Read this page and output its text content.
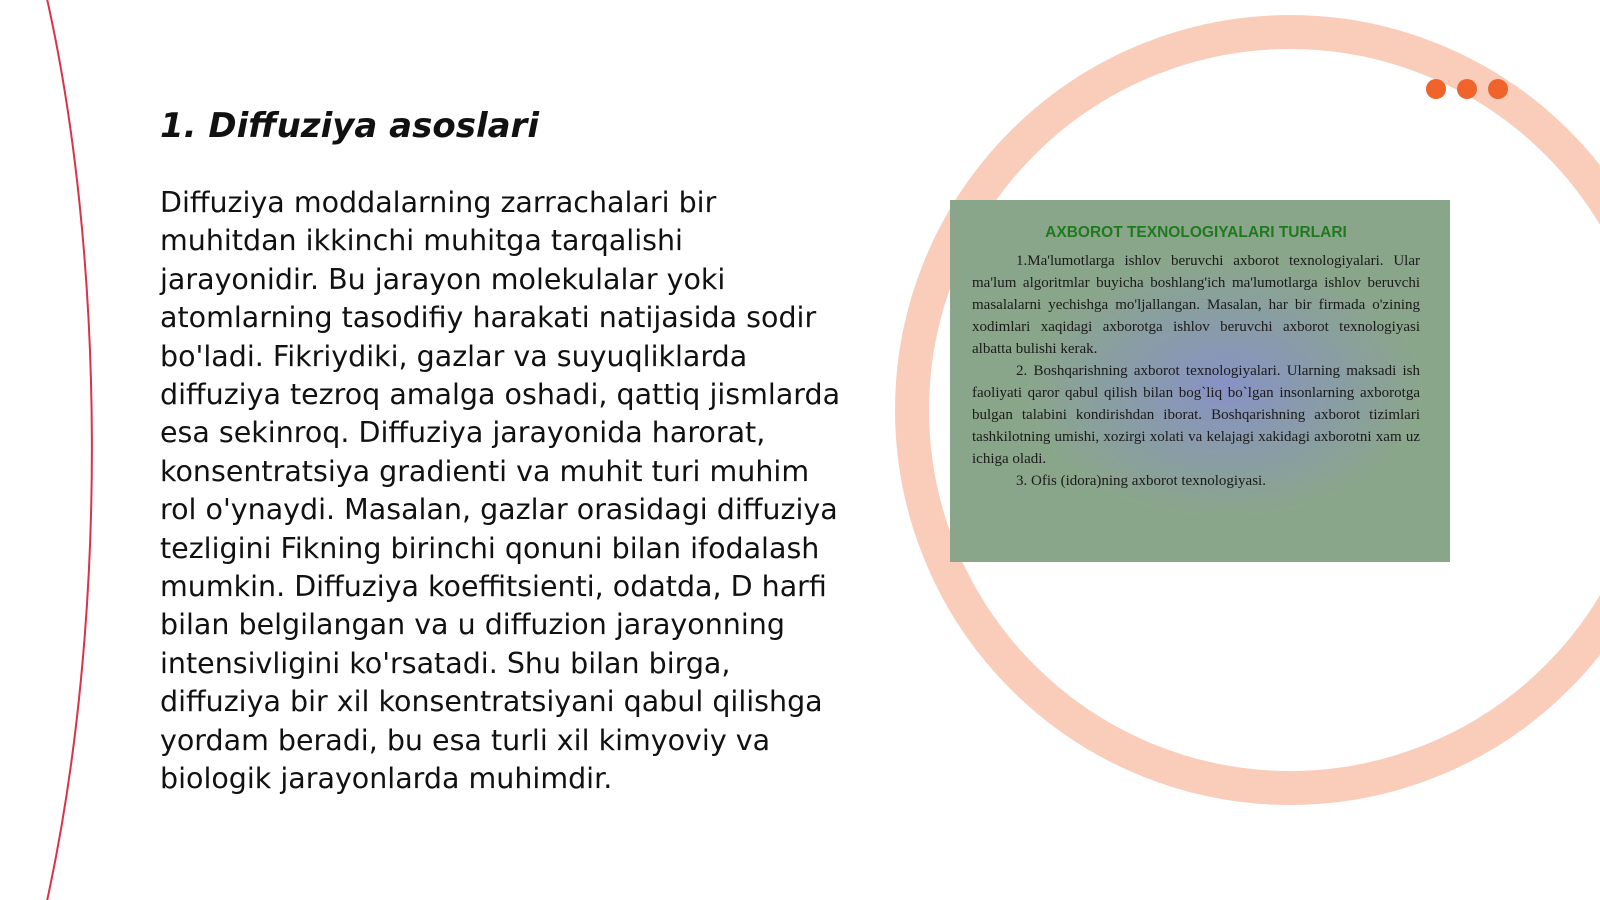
1. Diffuziya asoslari

Diffuziya moddalarning zarrachalari bir muhitdan ikkinchi muhitga tarqalishi jarayonidir. Bu jarayon molekulalar yoki atomlarning tasodifiy harakati natijasida sodir bo'ladi. Fikriydiki, gazlar va suyuqliklarda diffuziya tezroq amalga oshadi, qattiq jismlarda esa sekinroq. Diffuziya jarayonida harorat, konsentratsiya gradienti va muhit turi muhim rol o'ynaydi. Masalan, gazlar orasidagi diffuziya tezligini Fikning birinchi qonuni bilan ifodalash mumkin. Diffuziya koeffitsienti, odatda, D harfi bilan belgilangan va u diffuzion jarayonning intensivligini ko'rsatadi. Shu bilan birga, diffuziya bir xil konsentratsiyani qabul qilishga yordam beradi, bu esa turli xil kimyoviy va biologik jarayonlarda muhimdir.

AXBOROT TEXNOLOGIYALARI TURLARI

1.Ma'lumotlarga ishlov beruvchi axborot texnologiyalari. Ular ma'lum algoritmlar buyicha boshlang'ich ma'lumotlarga ishlov beruvchi masalalarni yechishga mo'ljallangan. Masalan, har bir firmada o'zining xodimlari xaqidagi axborotga ishlov beruvchi axborot texnologiyasi albatta bulishi kerak.

2. Boshqarishning axborot texnologiyalari. Ularning maksadi ish faoliyati qaror qabul qilish bilan bog`liq bo`lgan insonlarning axborotga bulgan talabini kondirishdan iborat. Boshqarishning axborot tizimlari tashkilotning umishi, xozirgi xolati va kelajagi xakidagi axborotni xam uz ichiga oladi.

3. Ofis (idora)ning axborot texnologiyasi.
